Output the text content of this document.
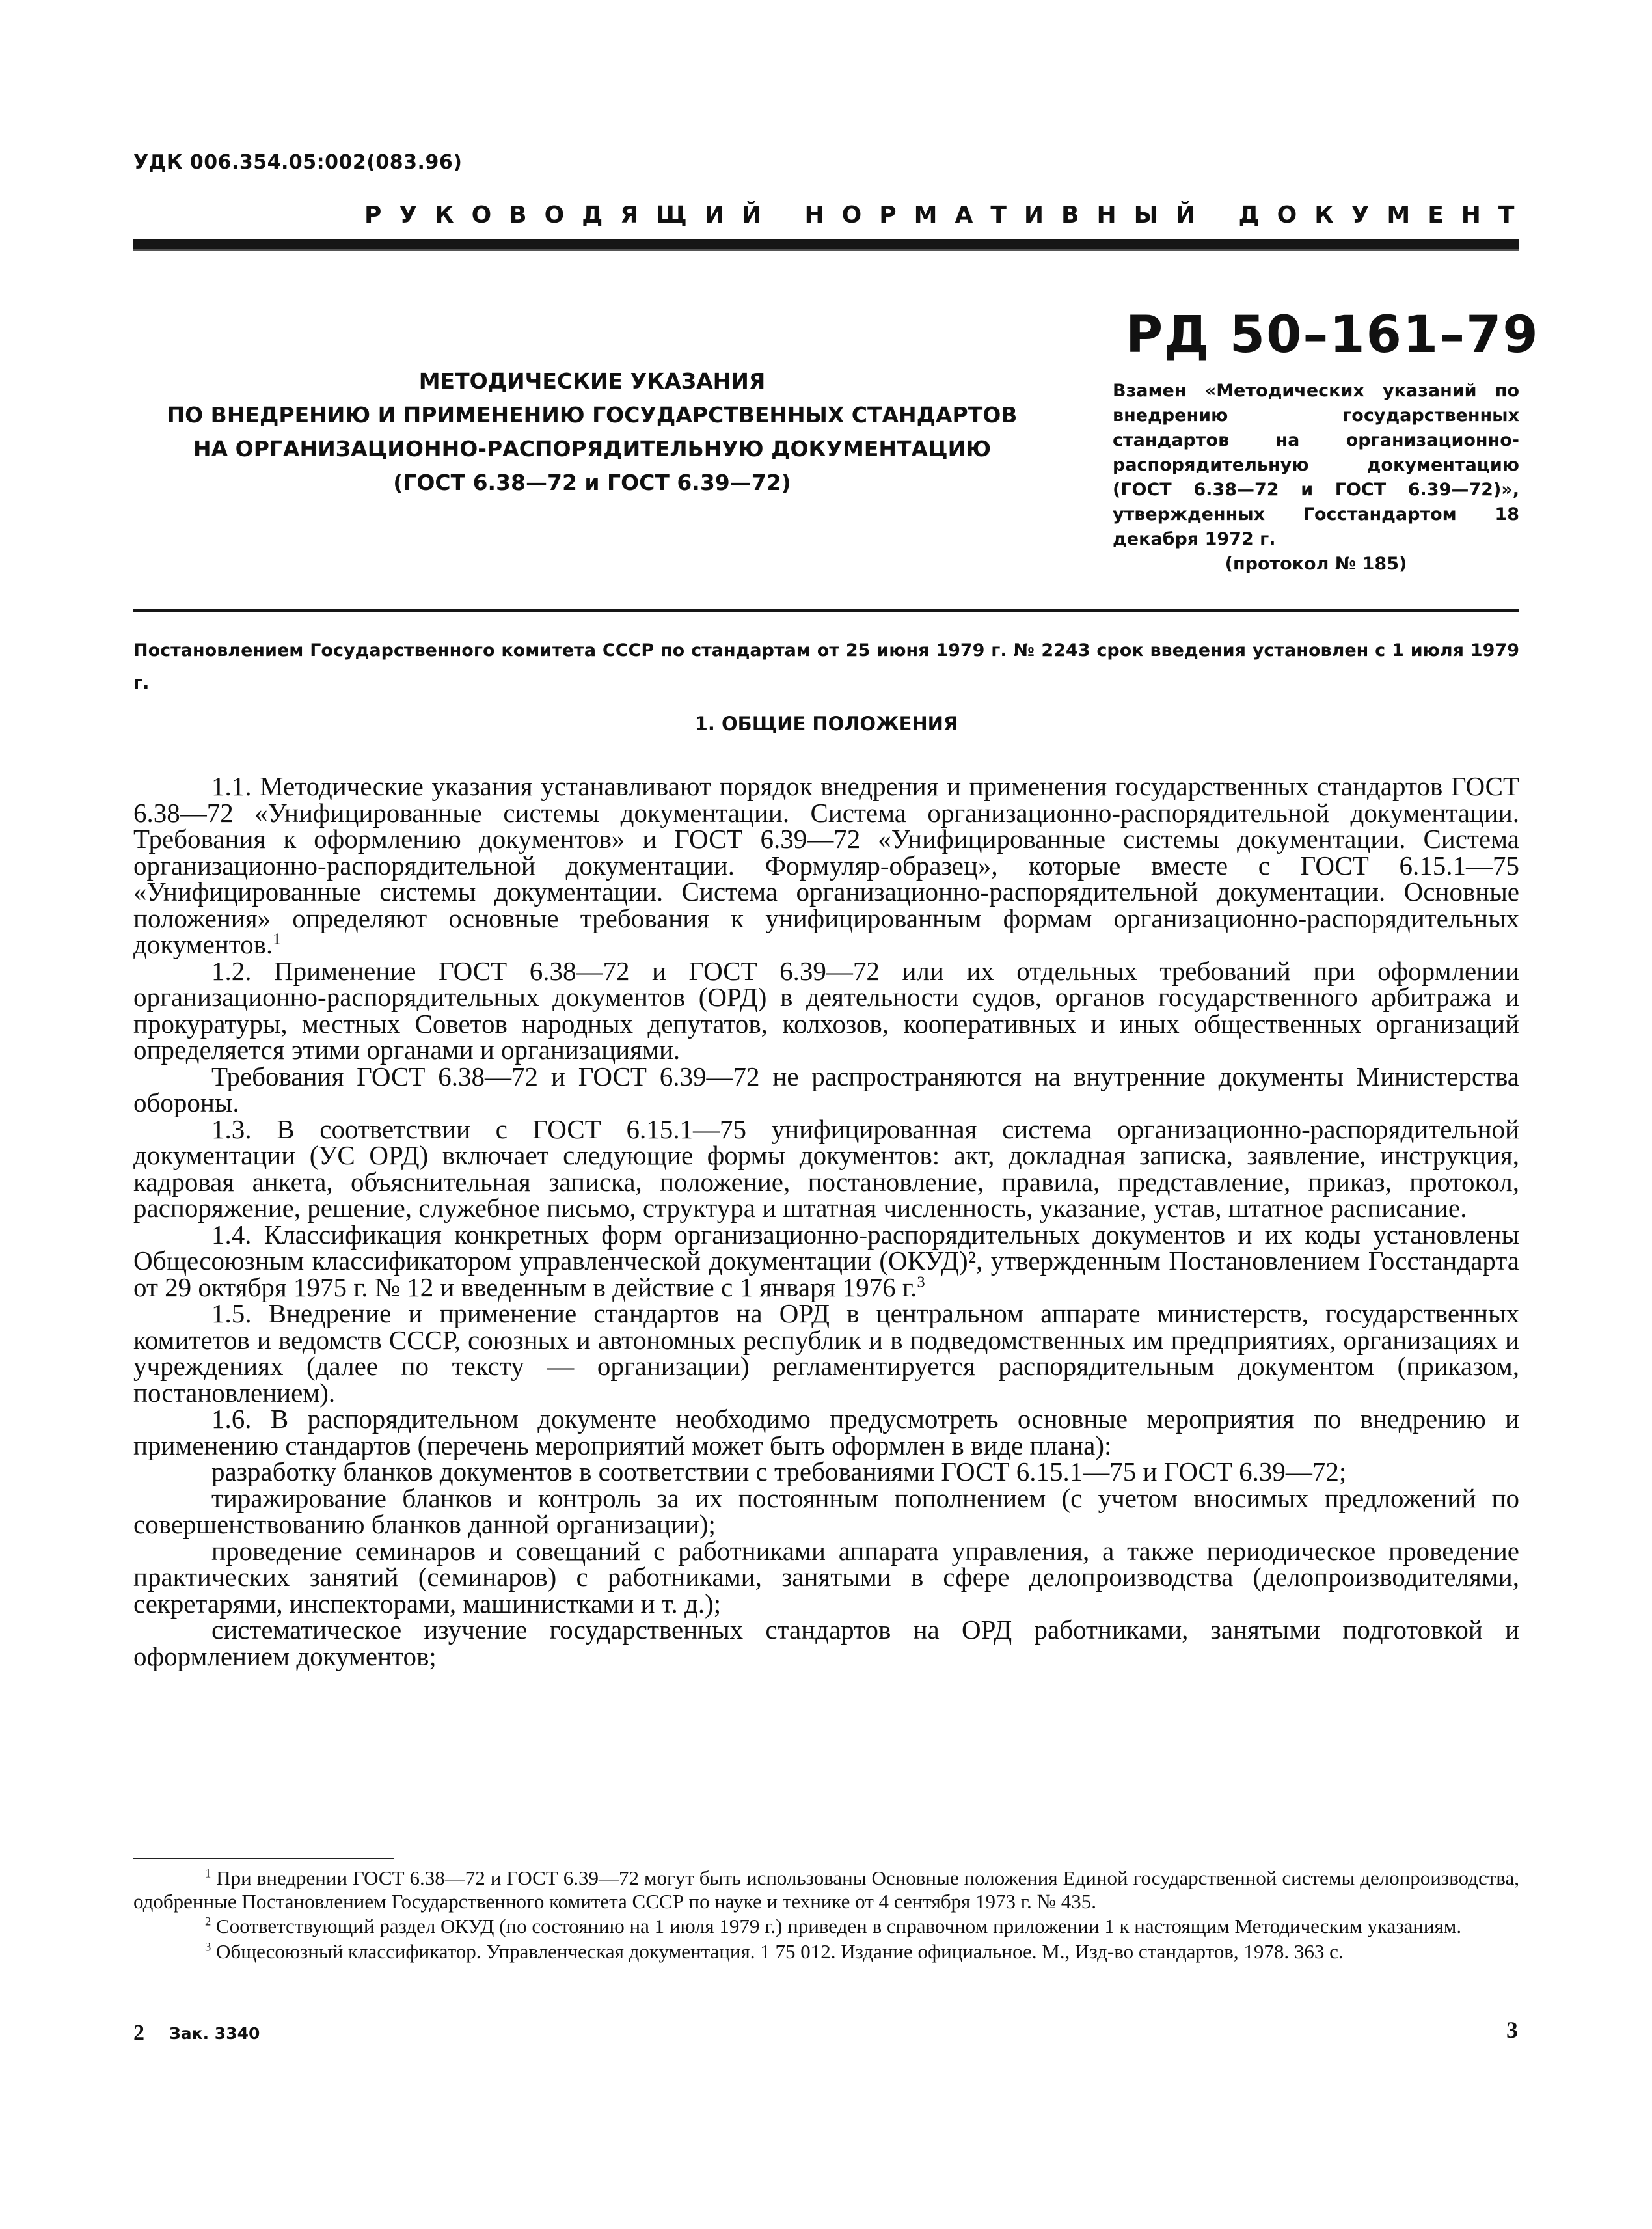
УДК 006.354.05:002(083.96)
РУКОВОДЯЩИЙ НОРМАТИВНЫЙ ДОКУМЕНТ
МЕТОДИЧЕСКИЕ УКАЗАНИЯ
ПО ВНЕДРЕНИЮ И ПРИМЕНЕНИЮ ГОСУДАРСТВЕННЫХ СТАНДАРТОВ
НА ОРГАНИЗАЦИОННО-РАСПОРЯДИТЕЛЬНУЮ ДОКУМЕНТАЦИЮ
(ГОСТ 6.38—72 и ГОСТ 6.39—72)
РД 50–161–79
Взамен «Методических указаний по внедрению государственных стандартов на организационно-распорядительную документацию (ГОСТ 6.38—72 и ГОСТ 6.39—72)», утвержденных Госстандартом 18 декабря 1972 г.
(протокол № 185)
Постановлением Государственного комитета СССР по стандартам от 25 июня 1979 г. № 2243 срок введения установлен с 1 июля 1979 г.
1. ОБЩИЕ ПОЛОЖЕНИЯ

1.1. Методические указания устанавливают порядок внедрения и применения государственных стандартов ГОСТ 6.38—72 «Унифицированные системы документации. Система организационно-распорядительной документации. Требования к оформлению документов» и ГОСТ 6.39—72 «Унифицированные системы документации. Система организационно-распорядительной документации. Формуляр-образец», которые вместе с ГОСТ 6.15.1—75 «Унифицированные системы документации. Система организационно-распорядительной документации. Основные положения» определяют основные требования к унифицированным формам организационно-распорядительных документов.$^1$

1.2. Применение ГОСТ 6.38—72 и ГОСТ 6.39—72 или их отдельных требований при оформлении организационно-распорядительных документов (ОРД) в деятельности судов, органов государственного арбитража и прокуратуры, местных Советов народных депутатов, колхозов, кооперативных и иных общественных организаций определяется этими органами и организациями.

Требования ГОСТ 6.38—72 и ГОСТ 6.39—72 не распространяются на внутренние документы Министерства обороны.

1.3. В соответствии с ГОСТ 6.15.1—75 унифицированная система организационно-распорядительной документации (УС ОРД) включает следующие формы документов: акт, докладная записка, заявление, инструкция, кадровая анкета, объяснительная записка, положение, постановление, правила, представление, приказ, протокол, распоряжение, решение, служебное письмо, структура и штатная численность, указание, устав, штатное расписание.

1.4. Классификация конкретных форм организационно-распорядительных документов и их коды установлены Общесоюзным классификатором управленческой документации (ОКУД)², утвержденным Постановлением Госстандарта от 29 октября 1975 г. № 12 и введенным в действие с 1 января 1976 г.$^3$

1.5. Внедрение и применение стандартов на ОРД в центральном аппарате министерств, государственных комитетов и ведомств СССР, союзных и автономных республик и в подведомственных им предприятиях, организациях и учреждениях (далее по тексту — организации) регламентируется распорядительным документом (приказом, постановлением).

1.6. В распорядительном документе необходимо предусмотреть основные мероприятия по внедрению и применению стандартов (перечень мероприятий может быть оформлен в виде плана):

разработку бланков документов в соответствии с требованиями ГОСТ 6.15.1—75 и ГОСТ 6.39—72;

тиражирование бланков и контроль за их постоянным пополнением (с учетом вносимых предложений по совершенствованию бланков данной организации);

проведение семинаров и совещаний с работниками аппарата управления, а также периодическое проведение практических занятий (семинаров) с работниками, занятыми в сфере делопроизводства (делопроизводителями, секретарями, инспекторами, машинистками и т. д.);

систематическое изучение государственных стандартов на ОРД работниками, занятыми подготовкой и оформлением документов;

$^1$ При внедрении ГОСТ 6.38—72 и ГОСТ 6.39—72 могут быть использованы Основные положения Единой государственной системы делопроизводства, одобренные Постановлением Государственного комитета СССР по науке и технике от 4 сентября 1973 г. № 435.

$^2$ Соответствующий раздел ОКУД (по состоянию на 1 июля 1979 г.) приведен в справочном приложении 1 к настоящим Методическим указаниям.

$^3$ Общесоюзный классификатор. Управленческая документация. 1 75 012. Издание официальное. М., Изд-во стандартов, 1978. 363 с.

2 Зак. 3340	3
